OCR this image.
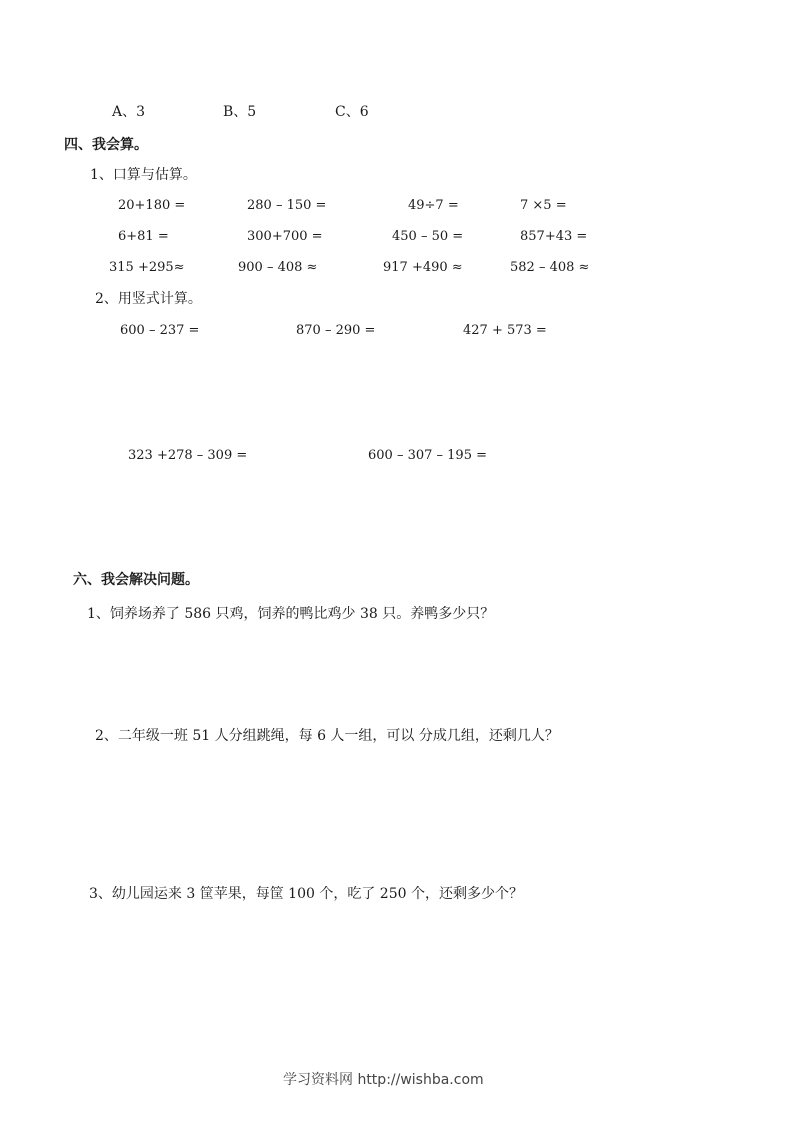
A、3	B、5	C、6
四、我会算。
1、口算与估算。
20+180 =	280 – 150 =	49÷7 =	7 ×5 =
6+81 =	300+700 =	450 – 50 =	857+43 =
315 +295≈	900 – 408 ≈	917 +490 ≈	582 – 408 ≈
2、用竖式计算。
600 – 237 =	870 – 290 =	427 + 573 =
323 +278 – 309 =	600 – 307 – 195 =
六、我会解决问题。
1、饲养场养了 586 只鸡，饲养的鸭比鸡少 38 只。养鸭多少只？
2、二年级一班 51 人分组跳绳，每 6 人一组，可以 分成几组，还剩几人？
3、幼儿园运来 3 筐苹果，每筐 100 个，吃了 250 个，还剩多少个？
学习资料网 http://wishba.com
